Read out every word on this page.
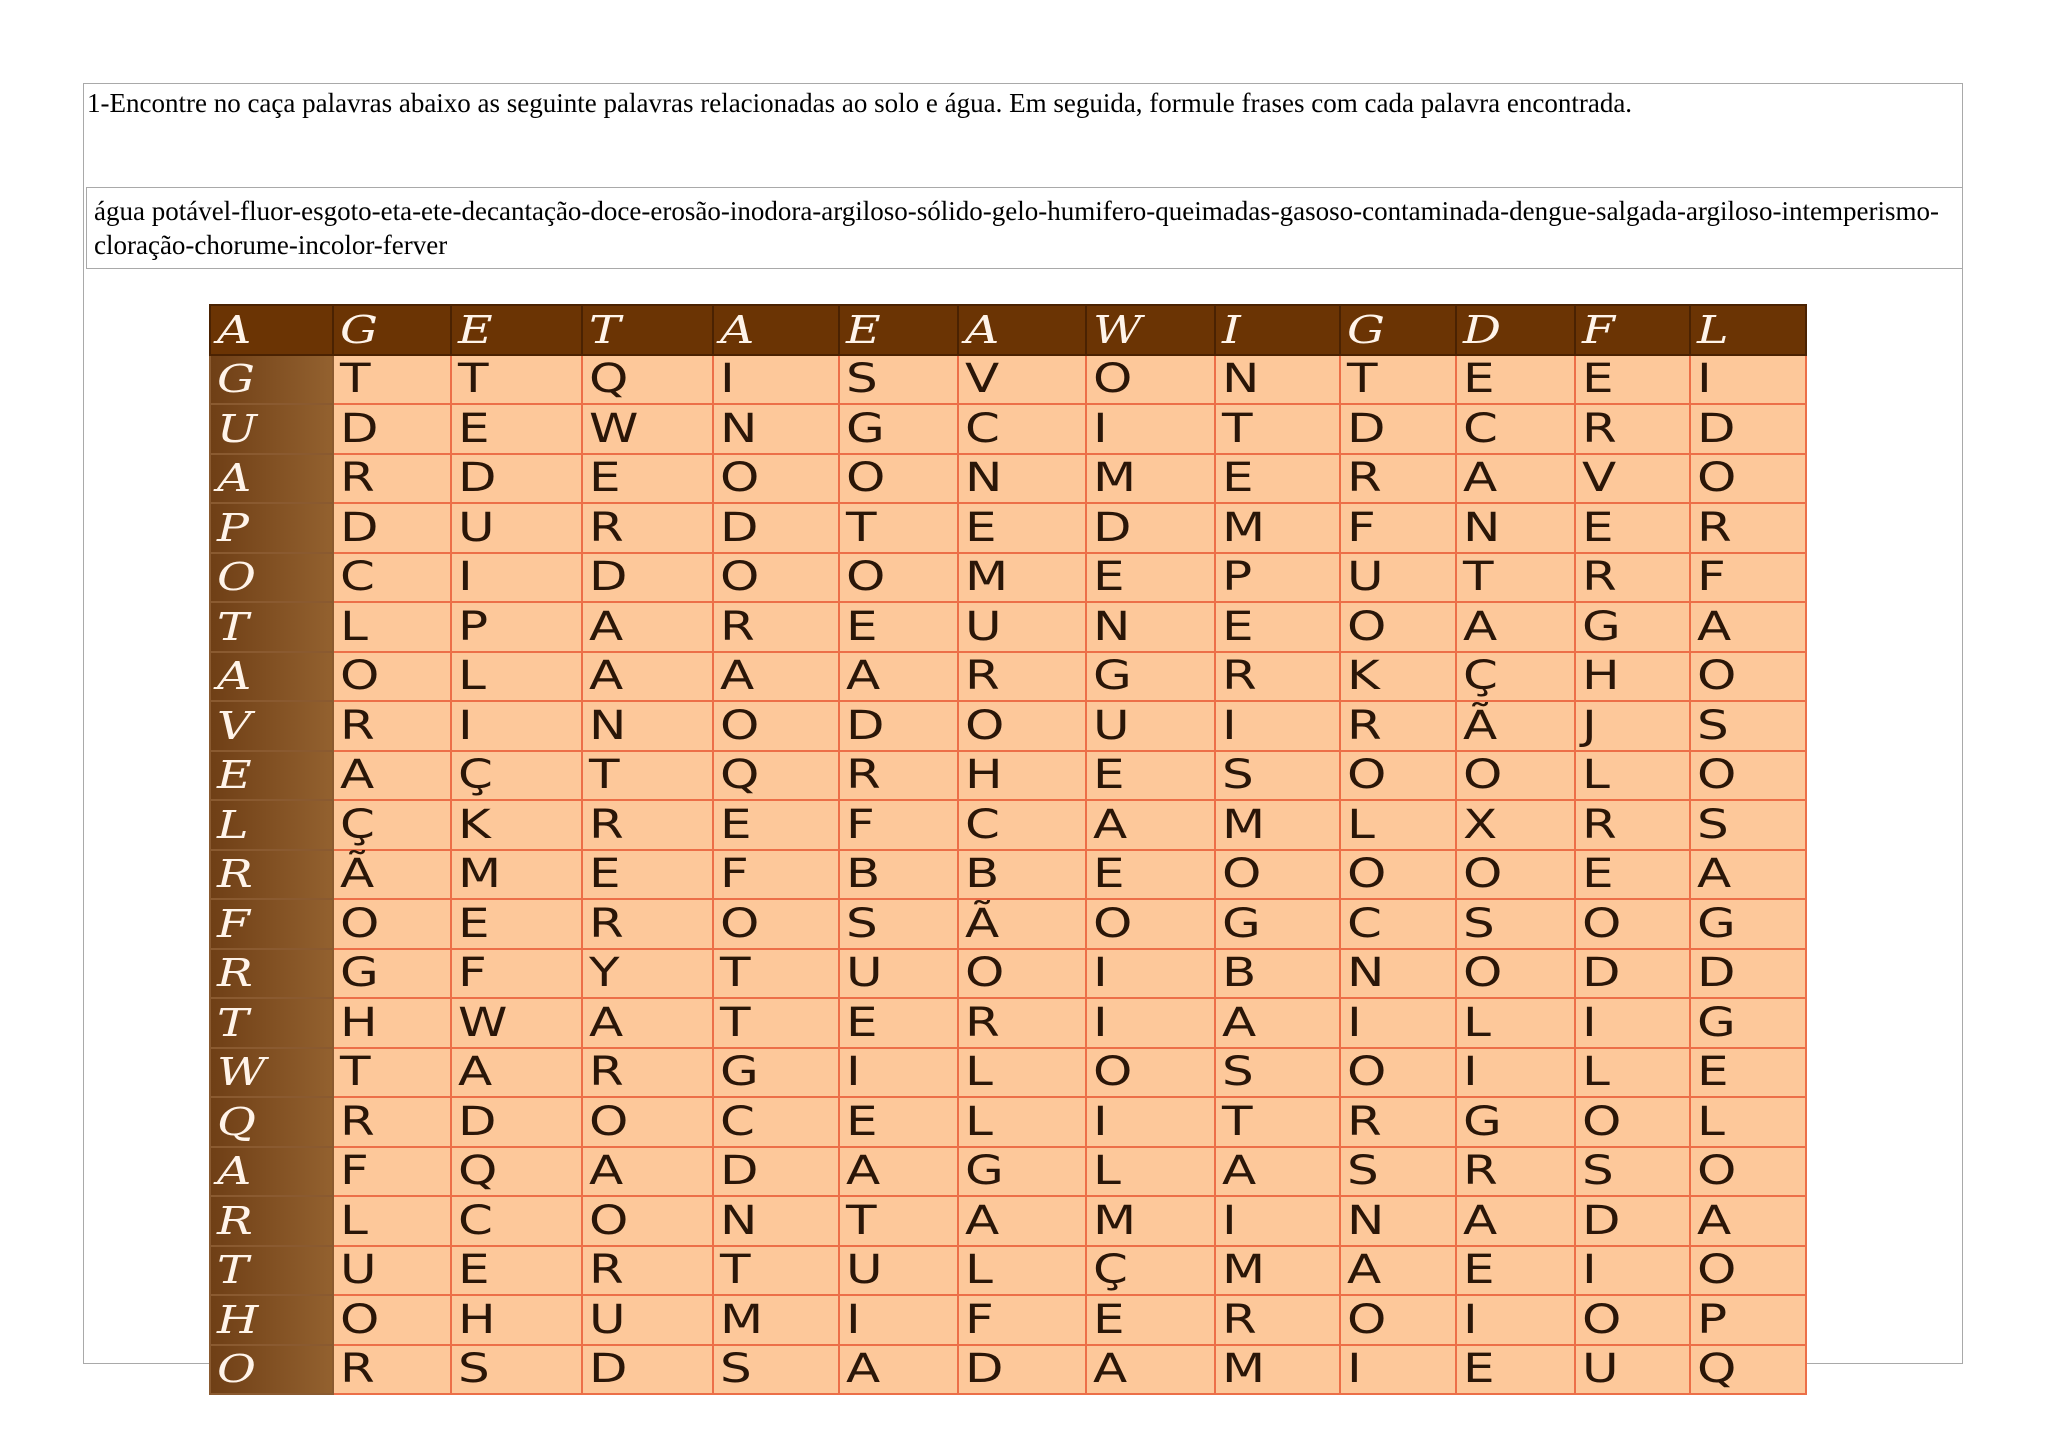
1-Encontre no caça palavras abaixo as seguinte palavras relacionadas ao solo e água. Em seguida, formule frases com cada palavra encontrada.
água potável-fluor-esgoto-eta-ete-decantação-doce-erosão-inodora-argiloso-sólido-gelo-humifero-queimadas-gasoso-contaminada-dengue-salgada-argiloso-intemperismo-cloração-chorume-incolor-ferver
A	G	E	T	A	E	A	W	I	G	D	F	L
G	T	T	Q	I	S	V	O	N	T	E	E	I
U	D	E	W	N	G	C	I	T	D	C	R	D
A	R	D	E	O	O	N	M	E	R	A	V	O
P	D	U	R	D	T	E	D	M	F	N	E	R
O	C	I	D	O	O	M	E	P	U	T	R	F
T	L	P	A	R	E	U	N	E	O	A	G	A
A	O	L	A	A	A	R	G	R	K	Ç	H	O
V	R	I	N	O	D	O	U	I	R	Ã	J	S
E	A	Ç	T	Q	R	H	E	S	O	O	L	O
L	Ç	K	R	E	F	C	A	M	L	X	R	S
R	Ã	M	E	F	B	B	E	O	O	O	E	A
F	O	E	R	O	S	Ã	O	G	C	S	O	G
R	G	F	Y	T	U	O	I	B	N	O	D	D
T	H	W	A	T	E	R	I	A	I	L	I	G
W	T	A	R	G	I	L	O	S	O	I	L	E
Q	R	D	O	C	E	L	I	T	R	G	O	L
A	F	Q	A	D	A	G	L	A	S	R	S	O
R	L	C	O	N	T	A	M	I	N	A	D	A
T	U	E	R	T	U	L	Ç	M	A	E	I	O
H	O	H	U	M	I	F	E	R	O	I	O	P
O	R	S	D	S	A	D	A	M	I	E	U	Q
